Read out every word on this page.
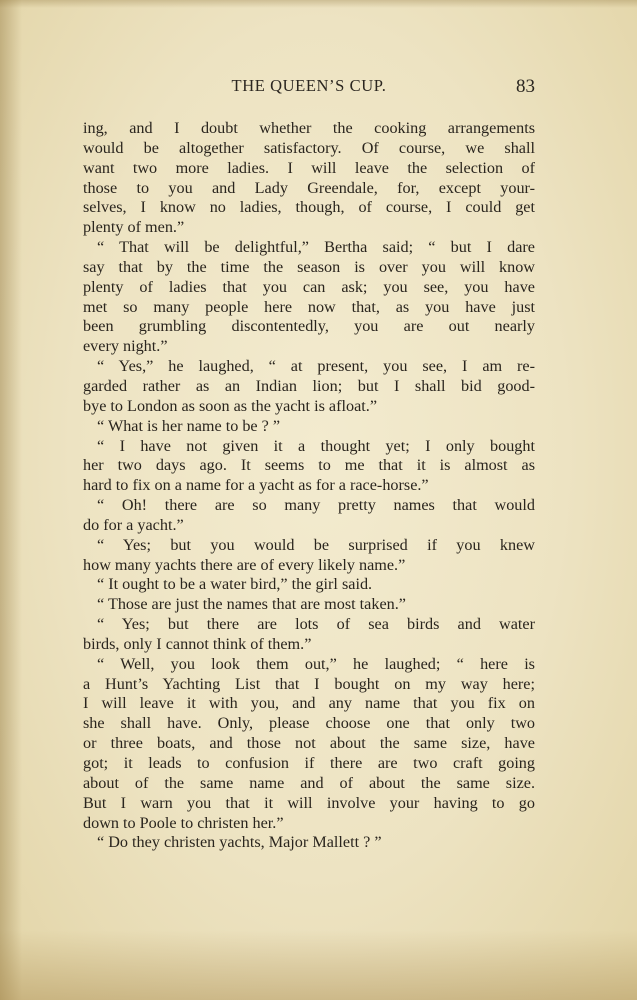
THE QUEEN’S CUP.	83
ing, and I doubt whether the cooking arrangements
would be altogether satisfactory. Of course, we shall
want two more ladies. I will leave the selection of
those to you and Lady Greendale, for, except your-
selves, I know no ladies, though, of course, I could get
plenty of men.”
“ That will be delightful,” Bertha said; “ but I dare
say that by the time the season is over you will know
plenty of ladies that you can ask; you see, you have
met so many people here now that, as you have just
been grumbling discontentedly, you are out nearly
every night.”
“ Yes,” he laughed, “ at present, you see, I am re-
garded rather as an Indian lion; but I shall bid good-
bye to London as soon as the yacht is afloat.”
“ What is her name to be ? ”
“ I have not given it a thought yet; I only bought
her two days ago. It seems to me that it is almost as
hard to fix on a name for a yacht as for a race-horse.”
“ Oh! there are so many pretty names that would
do for a yacht.”
“ Yes; but you would be surprised if you knew
how many yachts there are of every likely name.”
“ It ought to be a water bird,” the girl said.
“ Those are just the names that are most taken.”
“ Yes; but there are lots of sea birds and water
birds, only I cannot think of them.”
“ Well, you look them out,” he laughed; “ here is
a Hunt’s Yachting List that I bought on my way here;
I will leave it with you, and any name that you fix on
she shall have. Only, please choose one that only two
or three boats, and those not about the same size, have
got; it leads to confusion if there are two craft going
about of the same name and of about the same size.
But I warn you that it will involve your having to go
down to Poole to christen her.”
“ Do they christen yachts, Major Mallett ? ”
